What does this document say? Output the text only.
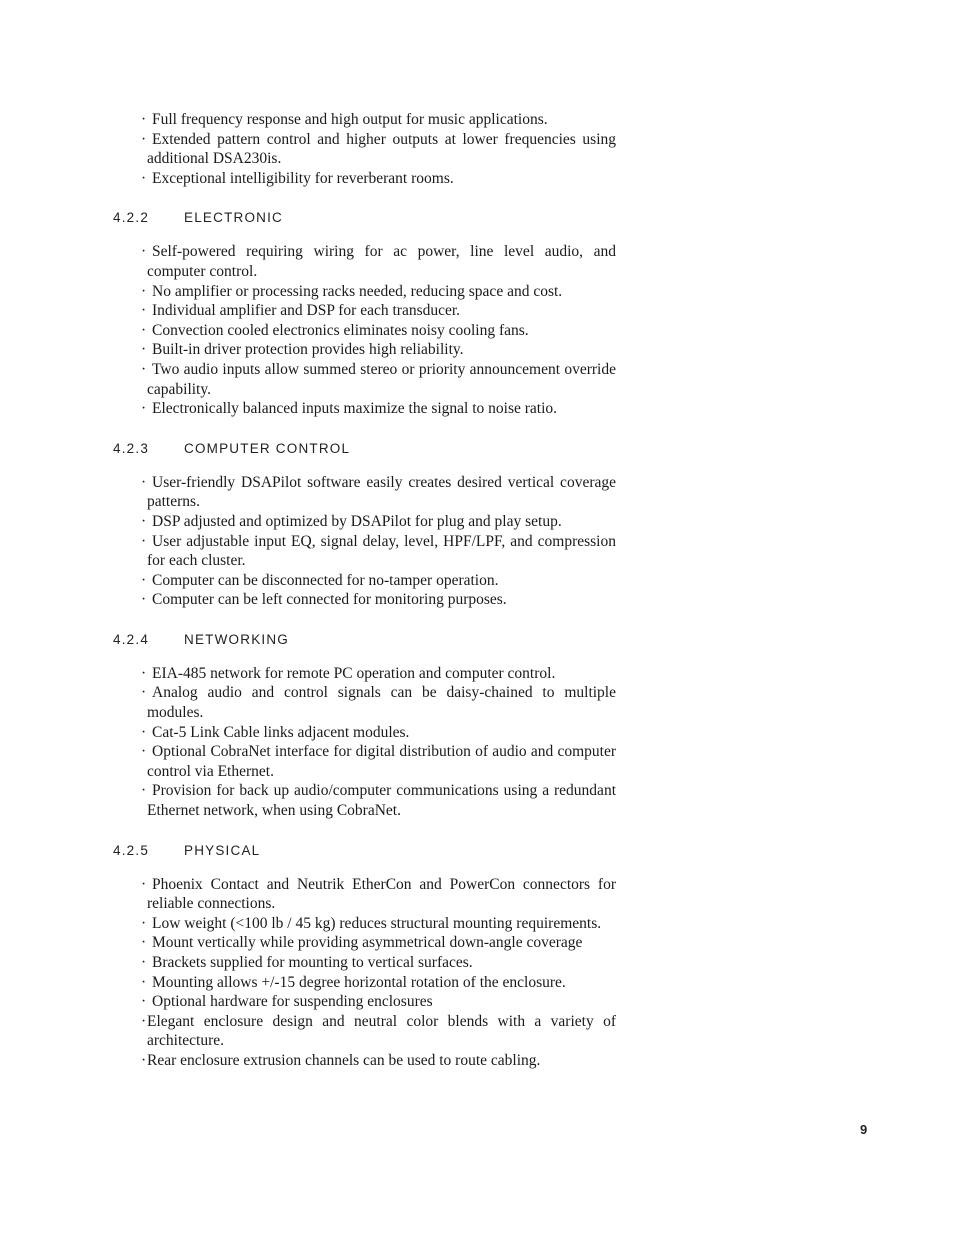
· Full frequency response and high output for music applications.
· Extended pattern control and higher outputs at lower frequencies using additional DSA230is.
· Exceptional intelligibility for reverberant rooms.
4.2.2	ELECTRONIC
· Self-powered requiring wiring for ac power, line level audio, and computer control.
· No amplifier or processing racks needed, reducing space and cost.
· Individual amplifier and DSP for each transducer.
· Convection cooled electronics eliminates noisy cooling fans.
· Built-in driver protection provides high reliability.
· Two audio inputs allow summed stereo or priority announcement override capability.
· Electronically balanced inputs maximize the signal to noise ratio.
4.2.3	COMPUTER CONTROL
· User-friendly DSAPilot software easily creates desired vertical coverage patterns.
· DSP adjusted and optimized by DSAPilot for plug and play setup.
· User adjustable input EQ, signal delay, level, HPF/LPF, and compression for each cluster.
· Computer can be disconnected for no-tamper operation.
· Computer can be left connected for monitoring purposes.
4.2.4	NETWORKING
· EIA-485 network for remote PC operation and computer control.
· Analog audio and control signals can be daisy-chained to multiple modules.
· Cat-5 Link Cable links adjacent modules.
· Optional CobraNet interface for digital distribution of audio and computer control via Ethernet.
· Provision for back up audio/computer communications using a redundant Ethernet network, when using CobraNet.
4.2.5	PHYSICAL
· Phoenix Contact and Neutrik EtherCon and PowerCon connectors for reliable connections.
· Low weight (<100 lb / 45 kg) reduces structural mounting requirements.
· Mount vertically while providing asymmetrical down-angle coverage
· Brackets supplied for mounting to vertical surfaces.
· Mounting allows +/-15 degree horizontal rotation of the enclosure.
· Optional hardware for suspending enclosures
·Elegant enclosure design and neutral color blends with a variety of architecture.
·Rear enclosure extrusion channels can be used to route cabling.
9
